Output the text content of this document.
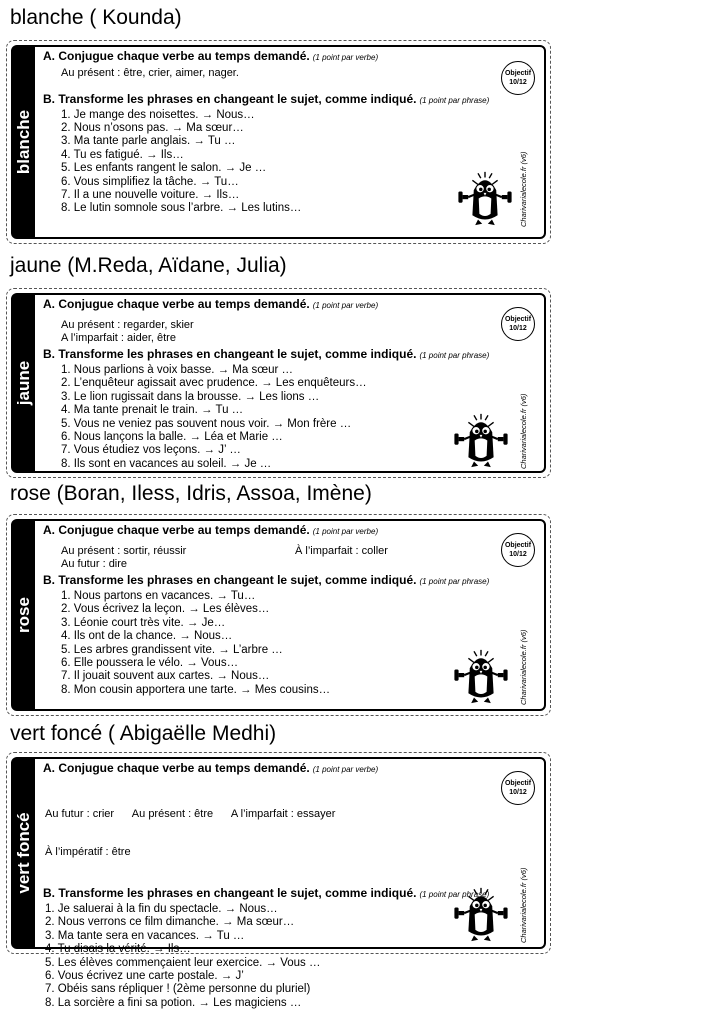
blanche ( Kounda)
blanche
A. Conjugue chaque verbe au temps demandé. (1 point par verbe)
Au présent : être, crier, aimer, nager.
B. Transforme les phrases en changeant le sujet, comme indiqué. (1 point par phrase)
1. Je mange des noisettes. → Nous…
2. Nous n’osons pas. → Ma sœur…
3. Ma tante parle anglais. → Tu …
4. Tu es fatigué. → Ils…
5. Les enfants rangent le salon. → Je …
6. Vous simplifiez la tâche. → Tu…
7. Il a une nouvelle voiture. → Ils…
8. Le lutin somnole sous l’arbre. → Les lutins…
Objectif
10/12
Charivarialecole.fr (v6)
jaune (M.Reda, Aïdane, Julia)
jaune
A. Conjugue chaque verbe au temps demandé. (1 point par verbe)
Au présent : regarder, skier
A l’imparfait : aider, être
B. Transforme les phrases en changeant le sujet, comme indiqué. (1 point par phrase)
1. Nous parlions à voix basse. → Ma sœur …
2. L’enquêteur agissait avec prudence. → Les enquêteurs…
3. Le lion rugissait dans la brousse. → Les lions …
4. Ma tante prenait le train. → Tu …
5. Vous ne veniez pas souvent nous voir. → Mon frère …
6. Nous lançons la balle. → Léa et Marie …
7. Vous étudiez vos leçons. → J’ …
8. Ils sont en vacances au soleil. → Je …
Objectif
10/12
Charivarialecole.fr (v6)
rose (Boran, Iless, Idris, Assoa, Imène)
rose
A. Conjugue chaque verbe au temps demandé. (1 point par verbe)
Au présent : sortir, réussir
Au futur : dire
À l’imparfait : coller
B. Transforme les phrases en changeant le sujet, comme indiqué. (1 point par phrase)
1. Nous partons en vacances. → Tu…
2. Vous écrivez la leçon. → Les élèves…
3. Léonie court très vite. → Je…
4. Ils ont de la chance. → Nous…
5. Les arbres grandissent vite. → L’arbre …
6. Elle poussera le vélo. → Vous…
7. Il jouait souvent aux cartes. → Nous…
8. Mon cousin apportera une tarte. → Mes cousins…
Objectif
10/12
Charivarialecole.fr (v6)
vert foncé ( Abigaëlle Medhi)
vert foncé
A. Conjugue chaque verbe au temps demandé. (1 point par verbe)

Au futur : crier      Au présent : être      A l’imparfait : essayer

À l’impératif : être

B. Transforme les phrases en changeant le sujet, comme indiqué. (1 point par phrase)
1. Je saluerai à la fin du spectacle. → Nous…
2. Nous verrons ce film dimanche. → Ma sœur…
3. Ma tante sera en vacances. → Tu …
4. Tu disais la vérité. → Ils…
5. Les élèves commençaient leur exercice. → Vous …
6. Vous écrivez une carte postale. → J’
7. Obéis sans répliquer ! (2ème personne du pluriel)
8. La sorcière a fini sa potion. → Les magiciens …
Objectif
10/12
Charivarialecole.fr (v6)
